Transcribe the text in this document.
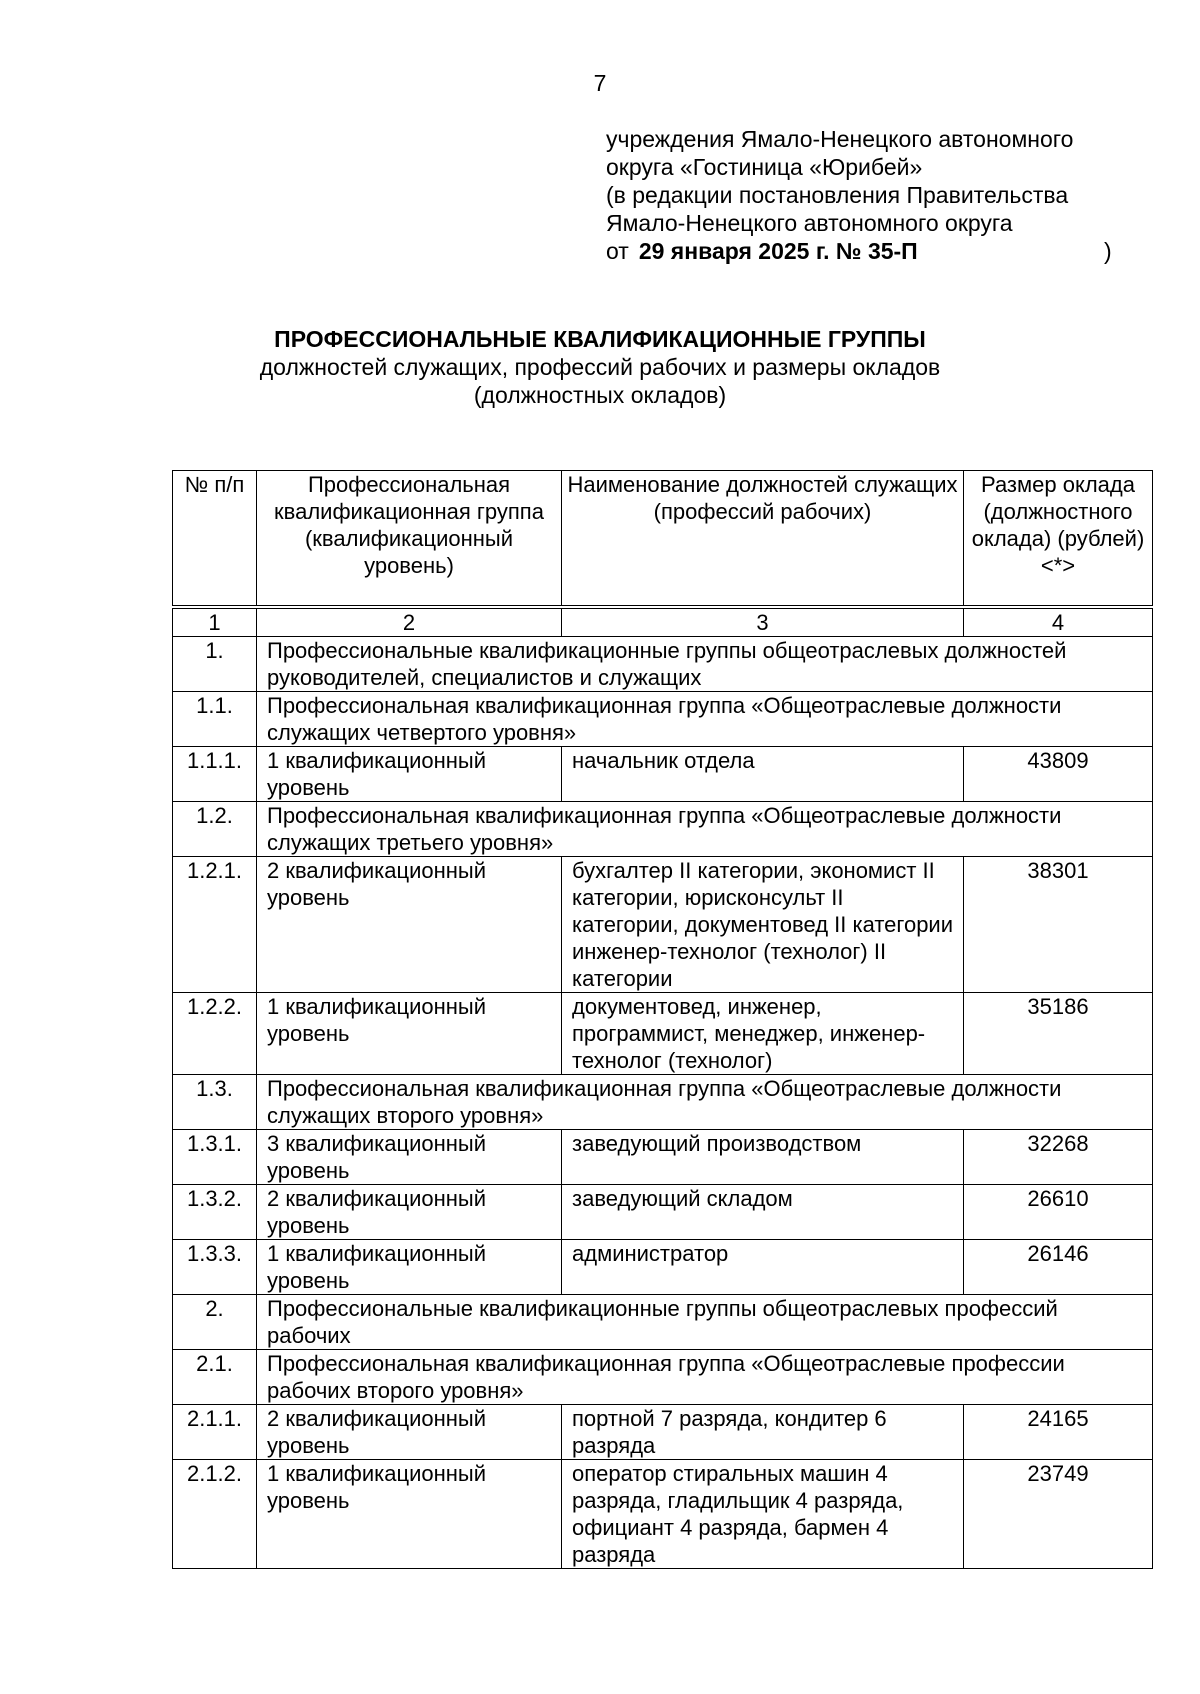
7
учреждения Ямало-Ненецкого автономного
округа «Гостиница «Юрибей»
(в редакции постановления Правительства
Ямало-Ненецкого автономного округа
от 29 января 2025 г. № 35-П	)
ПРОФЕССИОНАЛЬНЫЕ КВАЛИФИКАЦИОННЫЕ ГРУППЫ
должностей служащих, профессий рабочих и размеры окладов
(должностных окладов)
№ п/п	Профессиональная квалификационная группа (квалификационный уровень)	Наименование должностей служащих (профессий рабочих)	Размер оклада (должностного оклада) (рублей)<*>

1	2	3	4
1.	Профессиональные квалификационные группы общеотраслевых должностей руководителей, специалистов и служащих		
1.1.	Профессиональная квалификационная группа «Общеотраслевые должности служащих четвертого уровня»		
1.1.1.	1 квалификационный уровень	начальник отдела	43809
1.2.	Профессиональная квалификационная группа «Общеотраслевые должности служащих третьего уровня»		
1.2.1.	2 квалификационный уровень	бухгалтер II категории, экономист II категории, юрисконсульт II категории, документовед II категории инженер-технолог (технолог) II категории	38301
1.2.2.	1 квалификационный уровень	документовед, инженер, программист, менеджер, инженер-технолог (технолог)	35186
1.3.	Профессиональная квалификационная группа «Общеотраслевые должности служащих второго уровня»		
1.3.1.	3 квалификационный уровень	заведующий производством	32268
1.3.2.	2 квалификационный уровень	заведующий складом	26610
1.3.3.	1 квалификационный уровень	администратор	26146
2.	Профессиональные квалификационные группы общеотраслевых профессий рабочих		
2.1.	Профессиональная квалификационная группа «Общеотраслевые профессии рабочих второго уровня»		
2.1.1.	2 квалификационный уровень	портной 7 разряда, кондитер 6 разряда	24165
2.1.2.	1 квалификационный уровень	оператор стиральных машин 4 разряда, гладильщик 4 разряда, официант 4 разряда, бармен 4 разряда	23749
